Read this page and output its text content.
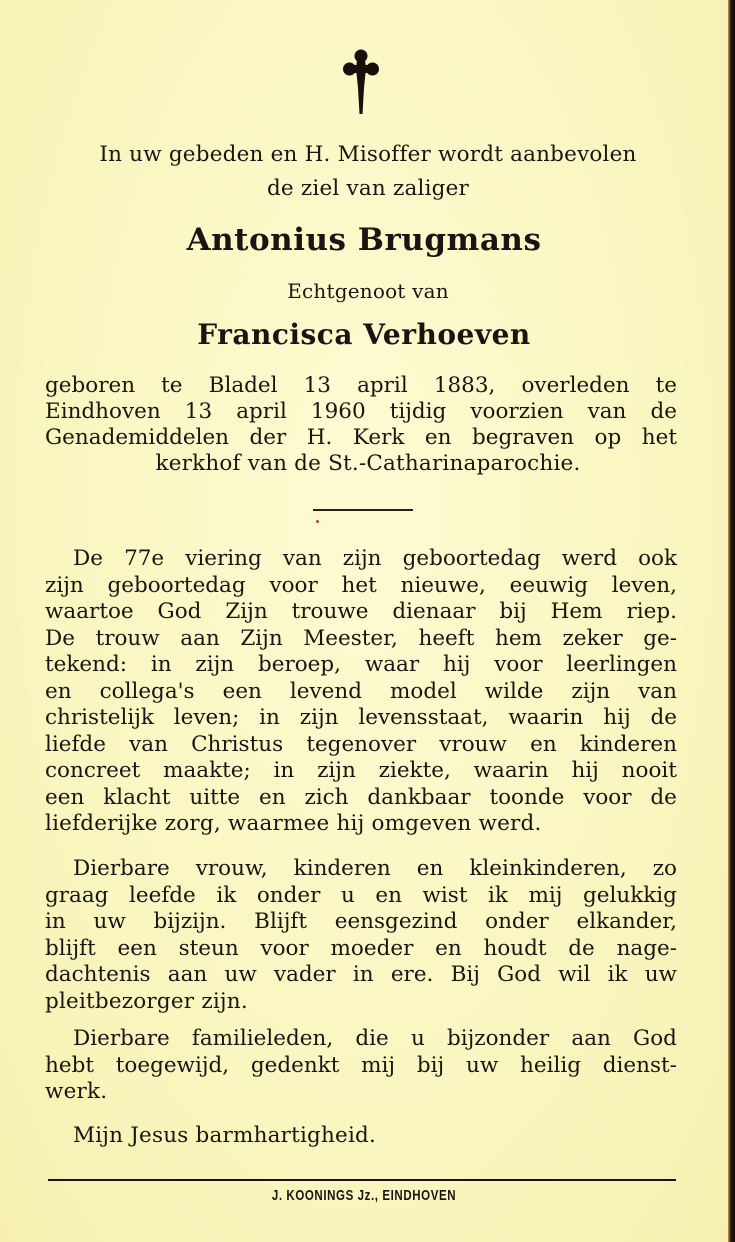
In uw gebeden en H. Misoffer wordt aanbevolen
de ziel van zaliger
Antonius Brugmans
Echtgenoot van
Francisca Verhoeven
geboren te Bladel 13 april 1883, overleden te
Eindhoven 13 april 1960 tijdig voorzien van de
Genademiddelen der H. Kerk en begraven op het
kerkhof van de St.-Catharinaparochie.
De 77e viering van zijn geboortedag werd ook
zijn geboortedag voor het nieuwe, eeuwig leven,
waartoe God Zijn trouwe dienaar bij Hem riep.
De trouw aan Zijn Meester, heeft hem zeker ge-
tekend: in zijn beroep, waar hij voor leerlingen
en collega's een levend model wilde zijn van
christelijk leven; in zijn levensstaat, waarin hij de
liefde van Christus tegenover vrouw en kinderen
concreet maakte; in zijn ziekte, waarin hij nooit
een klacht uitte en zich dankbaar toonde voor de
liefderijke zorg, waarmee hij omgeven werd.
Dierbare vrouw, kinderen en kleinkinderen, zo
graag leefde ik onder u en wist ik mij gelukkig
in uw bijzijn. Blijft eensgezind onder elkander,
blijft een steun voor moeder en houdt de nage-
dachtenis aan uw vader in ere. Bij God wil ik uw
pleitbezorger zijn.
Dierbare familieleden, die u bijzonder aan God
hebt toegewijd, gedenkt mij bij uw heilig dienst-
werk.
Mijn Jesus barmhartigheid.
J. KOONINGS Jz., EINDHOVEN
